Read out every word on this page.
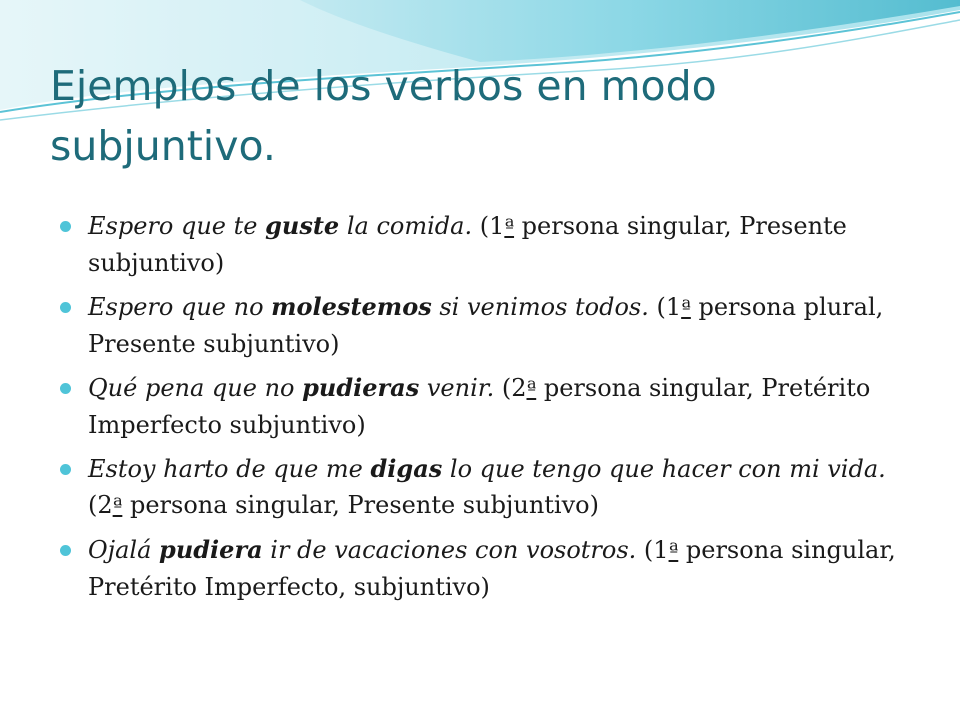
Ejemplos de los verbos en modo subjuntivo.
Espero que te guste la comida. (1ª persona singular, Presente subjuntivo)
Espero que no molestemos si venimos todos. (1ª persona plural, Presente subjuntivo)
Qué pena que no pudieras venir. (2ª persona singular, Pretérito Imperfecto subjuntivo)
Estoy harto de que me digas lo que tengo que hacer con mi vida. (2ª persona singular, Presente subjuntivo)
Ojalá pudiera ir de vacaciones con vosotros. (1ª persona singular, Pretérito Imperfecto, subjuntivo)
